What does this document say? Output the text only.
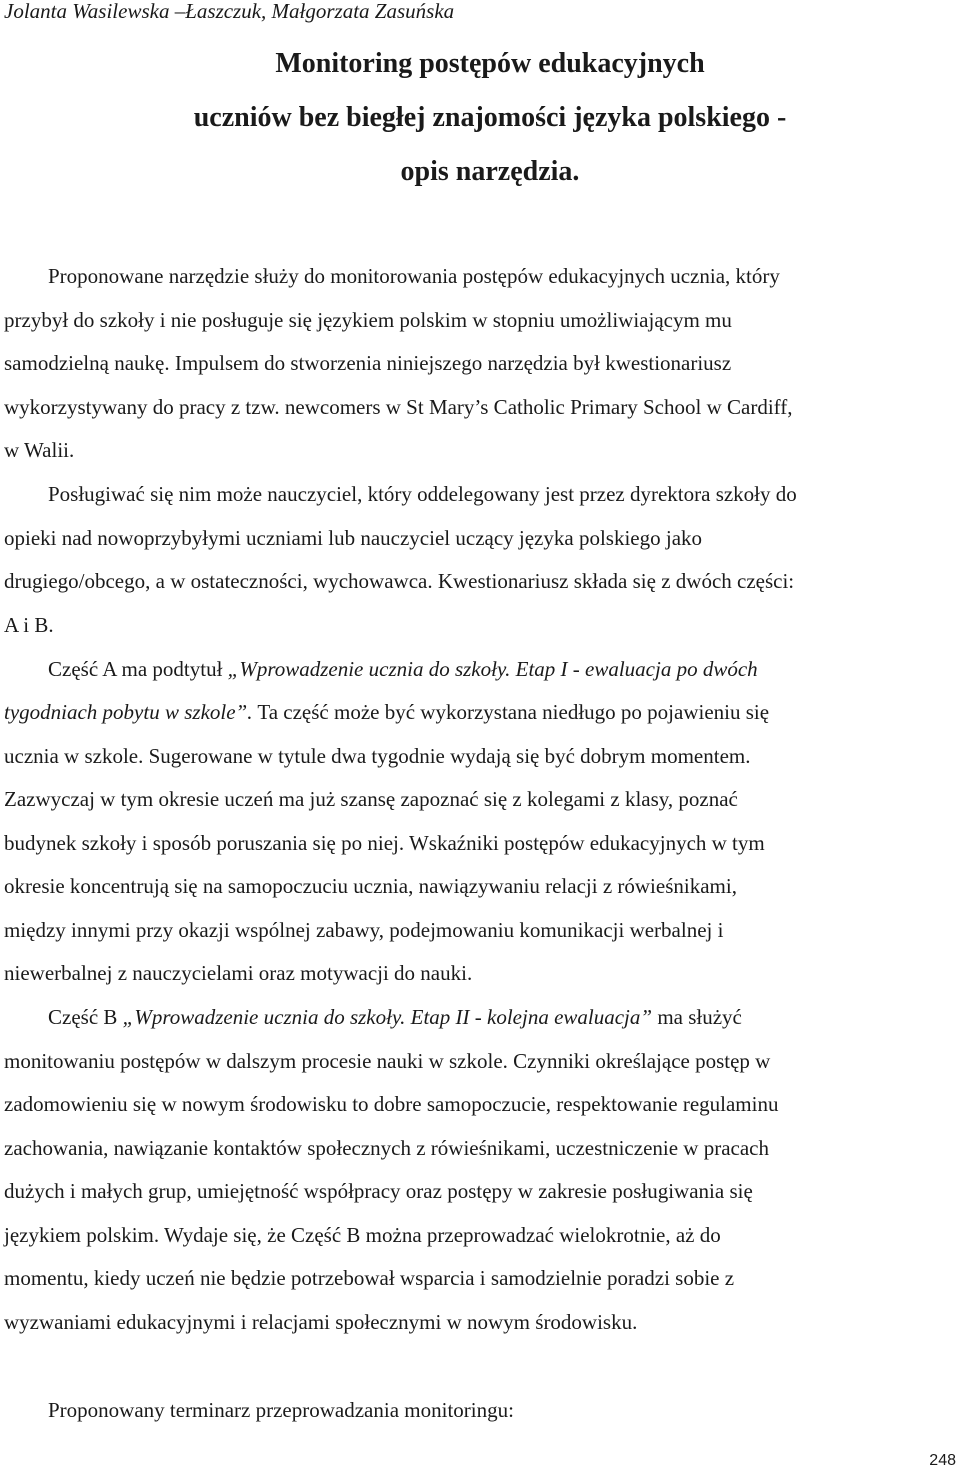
Jolanta Wasilewska –Łaszczuk, Małgorzata Zasuńska
Monitoring postępów edukacyjnych
uczniów bez biegłej znajomości języka polskiego -
opis narzędzia.
Proponowane narzędzie służy do monitorowania postępów edukacyjnych ucznia, który
przybył do szkoły i nie posługuje się językiem polskim w stopniu umożliwiającym mu
samodzielną naukę. Impulsem do stworzenia niniejszego narzędzia był kwestionariusz
wykorzystywany do pracy z tzw. newcomers w St Mary’s Catholic Primary School w Cardiff,
w Walii.
Posługiwać się nim może nauczyciel, który oddelegowany jest przez dyrektora szkoły do
opieki nad nowoprzybyłymi uczniami lub nauczyciel uczący języka polskiego jako
drugiego/obcego, a w ostateczności, wychowawca. Kwestionariusz składa się z dwóch części:
A i B.
Część A ma podtytuł „Wprowadzenie ucznia do szkoły. Etap I - ewaluacja po dwóch
tygodniach pobytu w szkole”. Ta część może być wykorzystana niedługo po pojawieniu się
ucznia w szkole. Sugerowane w tytule dwa tygodnie wydają się być dobrym momentem.
Zazwyczaj w tym okresie uczeń ma już szansę zapoznać się z kolegami z klasy, poznać
budynek szkoły i sposób poruszania się po niej. Wskaźniki postępów edukacyjnych w tym
okresie koncentrują się na samopoczuciu ucznia, nawiązywaniu relacji z rówieśnikami,
między innymi przy okazji wspólnej zabawy, podejmowaniu komunikacji werbalnej i
niewerbalnej z nauczycielami oraz motywacji do nauki.
Część B „Wprowadzenie ucznia do szkoły. Etap II - kolejna ewaluacja” ma służyć
monitowaniu postępów w dalszym procesie nauki w szkole. Czynniki określające postęp w
zadomowieniu się w nowym środowisku to dobre samopoczucie, respektowanie regulaminu
zachowania, nawiązanie kontaktów społecznych z rówieśnikami, uczestniczenie w pracach
dużych i małych grup, umiejętność współpracy oraz postępy w zakresie posługiwania się
językiem polskim. Wydaje się, że Część B można przeprowadzać wielokrotnie, aż do
momentu, kiedy uczeń nie będzie potrzebował wsparcia i samodzielnie poradzi sobie z
wyzwaniami edukacyjnymi i relacjami społecznymi w nowym środowisku.
Proponowany terminarz przeprowadzania monitoringu:
248
